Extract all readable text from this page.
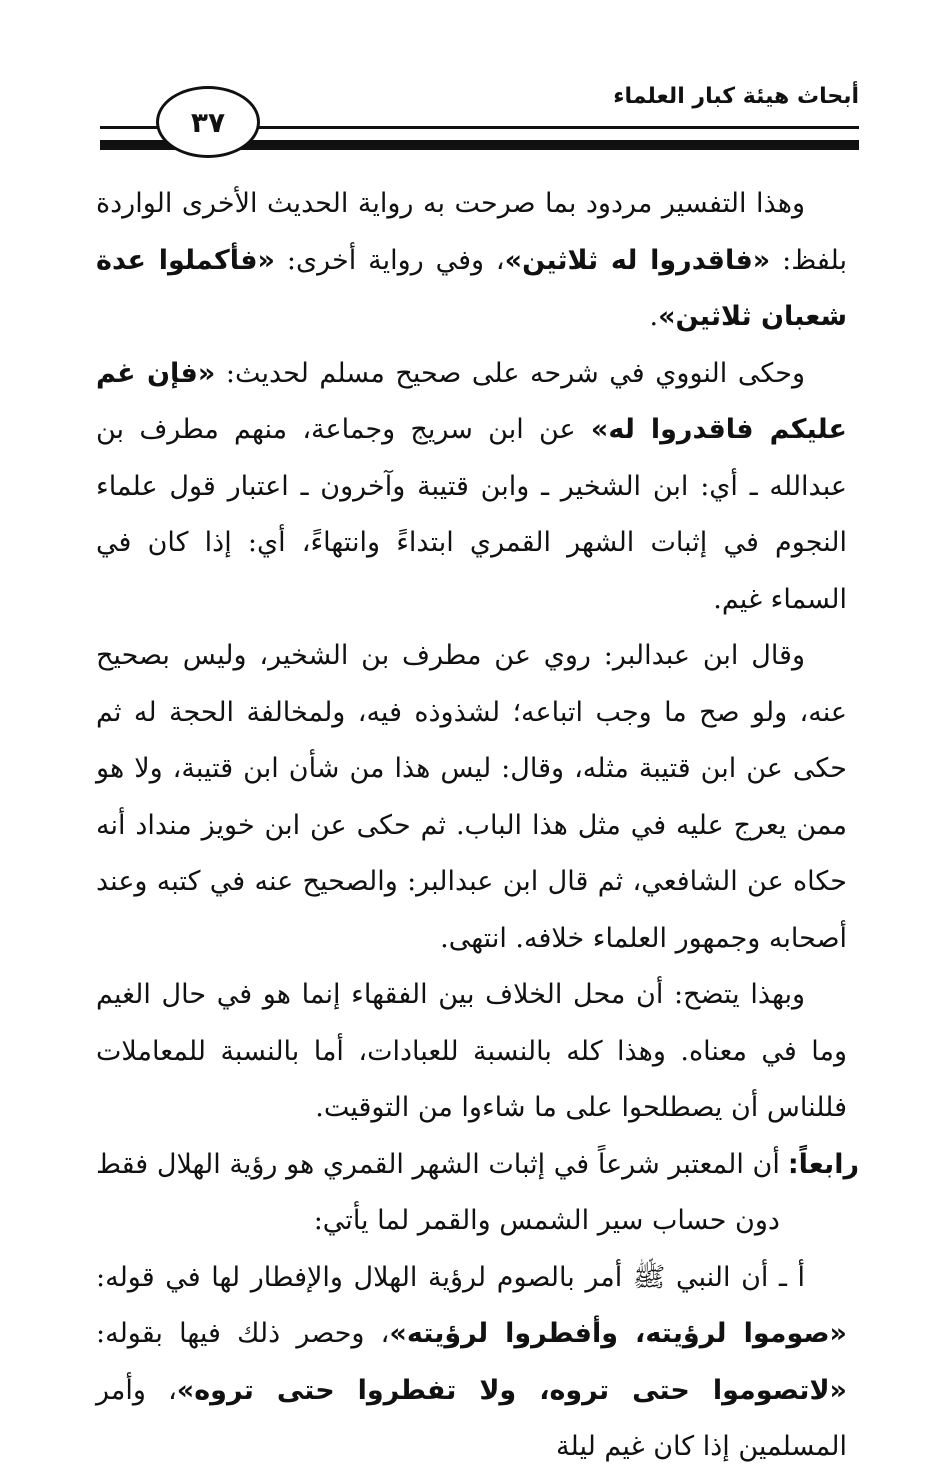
أبحاث هيئة كبار العلماء
٣٧

وهذا التفسير مردود بما صرحت به رواية الحديث الأخرى الواردة بلفظ: «فاقدروا له ثلاثين»، وفي رواية أخرى: «فأكملوا عدة شعبان ثلاثين».

وحكى النووي في شرحه على صحيح مسلم لحديث: «فإن غم عليكم فاقدروا له» عن ابن سريج وجماعة، منهم مطرف بن عبدالله ـ أي: ابن الشخير ـ وابن قتيبة وآخرون ـ اعتبار قول علماء النجوم في إثبات الشهر القمري ابتداءً وانتهاءً، أي: إذا كان في السماء غيم.

وقال ابن عبدالبر: روي عن مطرف بن الشخير، وليس بصحيح عنه، ولو صح ما وجب اتباعه؛ لشذوذه فيه، ولمخالفة الحجة له ثم حكى عن ابن قتيبة مثله، وقال: ليس هذا من شأن ابن قتيبة، ولا هو ممن يعرج عليه في مثل هذا الباب. ثم حكى عن ابن خويز منداد أنه حكاه عن الشافعي، ثم قال ابن عبدالبر: والصحيح عنه في كتبه وعند أصحابه وجمهور العلماء خلافه. انتهى.

وبهذا يتضح: أن محل الخلاف بين الفقهاء إنما هو في حال الغيم وما في معناه. وهذا كله بالنسبة للعبادات، أما بالنسبة للمعاملات فللناس أن يصطلحوا على ما شاءوا من التوقيت.

رابعاً:
أن المعتبر شرعاً في إثبات الشهر القمري هو رؤية الهلال فقط دون حساب سير الشمس والقمر لما يأتي:

أ ـ أن النبي ﷺ أمر بالصوم لرؤية الهلال والإفطار لها في قوله: «صوموا لرؤيته، وأفطروا لرؤيته»، وحصر ذلك فيها بقوله: «لاتصوموا حتى تروه، ولا تفطروا حتى تروه»، وأمر المسلمين إذا كان غيم ليلة
